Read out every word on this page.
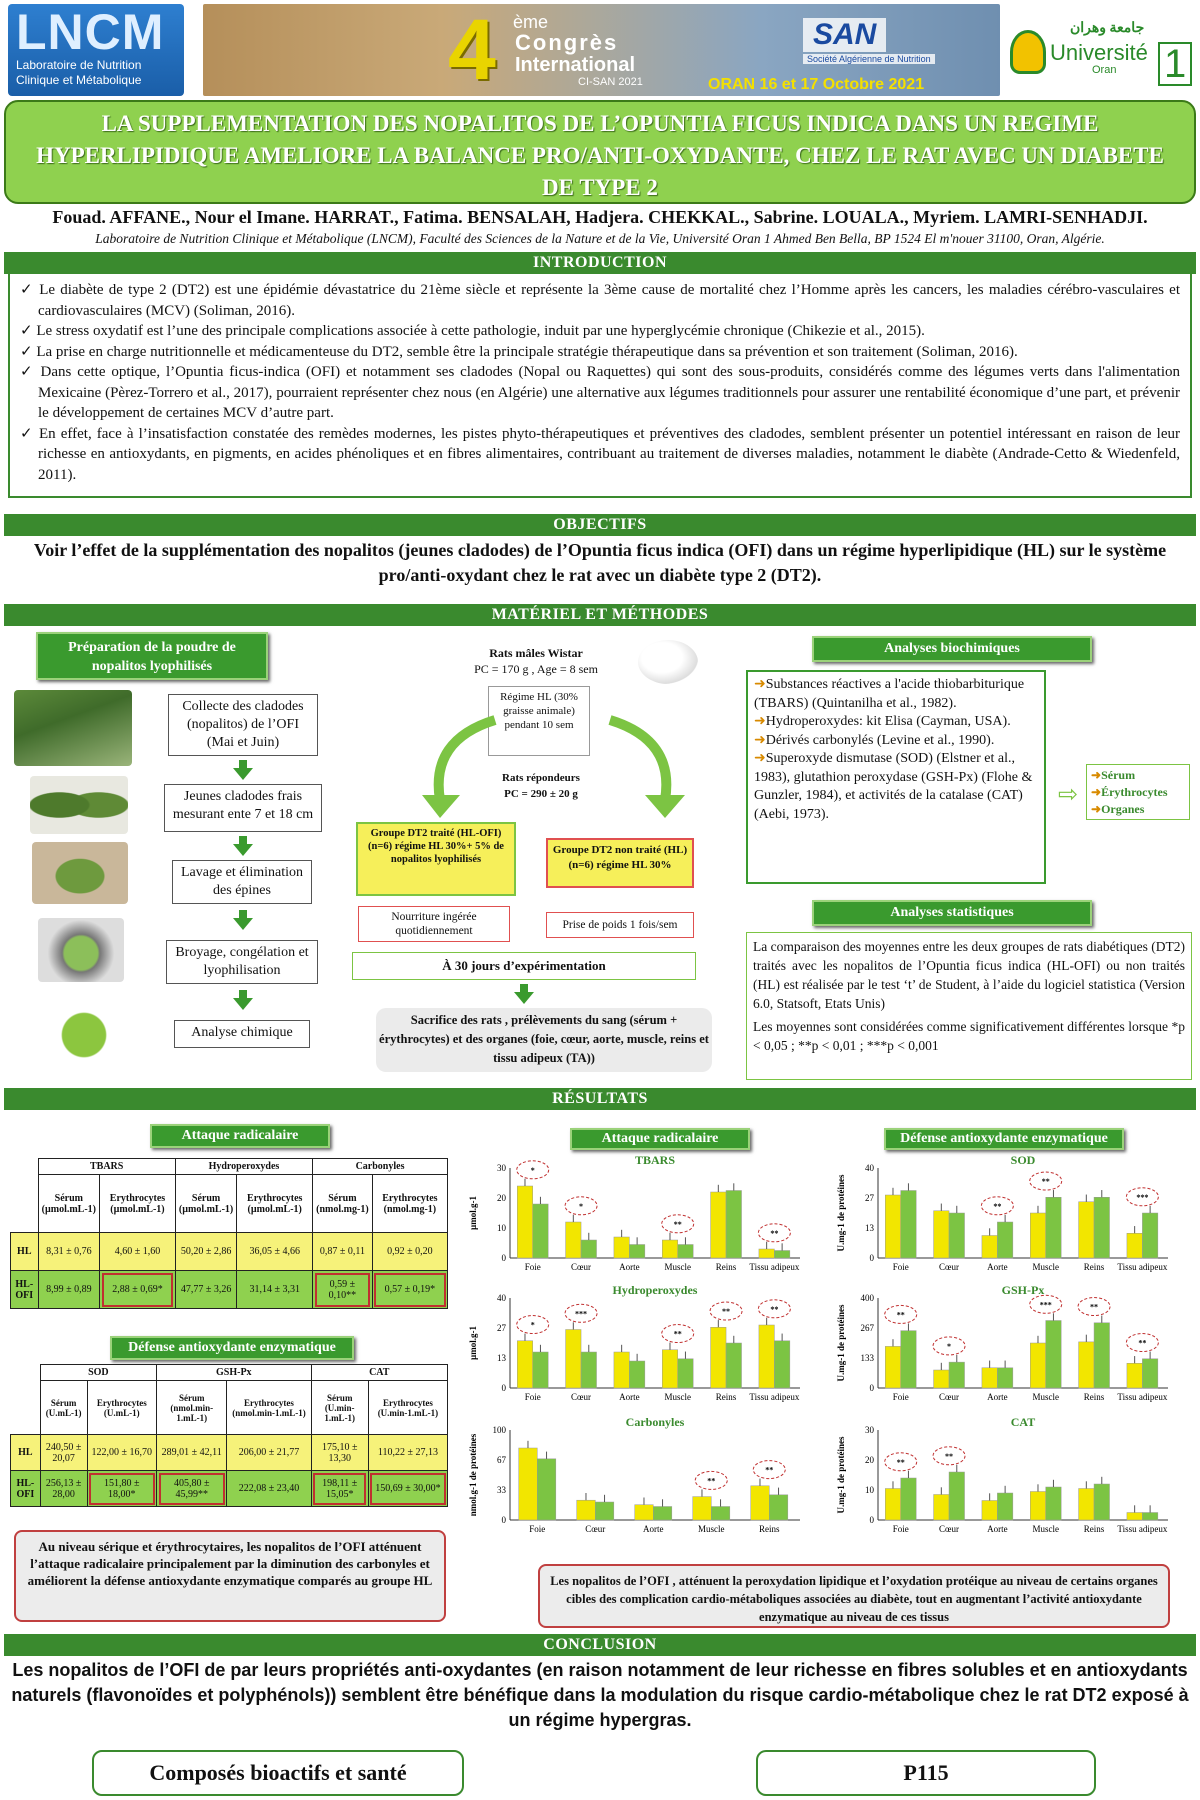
LNCM
Laboratoire de Nutrition
Clinique et Métabolique	4 ème
Congrès
International
CI-SAN 2021
SAN
Société Algérienne de Nutrition
ORAN 16 et 17 Octobre 2021
جامعة وهران
Université
Oran 1
LA SUPPLEMENTATION DES NOPALITOS DE L’OPUNTIA FICUS INDICA DANS UN REGIME HYPERLIPIDIQUE AMELIORE LA BALANCE PRO/ANTI-OXYDANTE, CHEZ LE RAT AVEC UN DIABETE DE TYPE 2
Fouad. AFFANE., Nour el Imane. HARRAT., Fatima. BENSALAH, Hadjera. CHEKKAL., Sabrine. LOUALA., Myriem. LAMRI-SENHADJI.
Laboratoire de Nutrition Clinique et Métabolique (LNCM), Faculté des Sciences de la Nature et de la Vie, Université Oran 1 Ahmed Ben Bella, BP 1524 El m'nouer 31100, Oran, Algérie.
INTRODUCTION

✓ Le diabète de type 2 (DT2) est une épidémie dévastatrice du 21ème siècle et représente la 3ème cause de mortalité chez l’Homme après les cancers, les maladies cérébro-vasculaires et cardiovasculaires (MCV) (Soliman, 2016).

✓ Le stress oxydatif est l’une des principale complications associée à cette pathologie, induit par une hyperglycémie chronique (Chikezie et al., 2015).

✓ La prise en charge nutritionnelle et médicamenteuse du DT2, semble être la principale stratégie thérapeutique dans sa prévention et son traitement (Soliman, 2016).

✓ Dans cette optique, l’Opuntia ficus-indica (OFI) et notamment ses cladodes (Nopal ou Raquettes) qui sont des sous-produits, considérés comme des légumes verts dans l'alimentation Mexicaine (Pèrez-Torrero et al., 2017), pourraient représenter chez nous (en Algérie) une alternative aux légumes traditionnels pour assurer une rentabilité économique d’une part, et prévenir le développement de certaines MCV d’autre part.

✓ En effet, face à l’insatisfaction constatée des remèdes modernes, les pistes phyto-thérapeutiques et préventives des cladodes, semblent présenter un potentiel intéressant en raison de leur richesse en antioxydants, en pigments, en acides phénoliques et en fibres alimentaires, contribuant au traitement de diverses maladies, notamment le diabète (Andrade-Cetto & Wiedenfeld, 2011).

OBJECTIFS
Voir l’effet de la supplémentation des nopalitos (jeunes cladodes) de l’Opuntia ficus indica (OFI) dans un régime hyperlipidique (HL) sur le système pro/anti-oxydant chez le rat avec un diabète type 2 (DT2).
MATÉRIEL ET MÉTHODES
Préparation de la poudre de nopalitos lyophilisés
Collecte des cladodes (nopalitos) de l’OFI (Mai et Juin)
Jeunes cladodes frais mesurant ente 7 et 18 cm
Lavage et élimination des épines
Broyage, congélation et lyophilisation
Analyse chimique
Rats mâles Wistar
PC = 170 g , Age = 8 sem
Régime HL (30% graisse animale) pendant 10 sem
Rats répondeurs
PC = 290 ± 20 g
Groupe DT2 traité (HL-OFI) (n=6) régime HL 30%+ 5% de nopalitos lyophilisés
Groupe DT2 non traité (HL) (n=6) régime HL 30%
Nourriture ingérée quotidiennement	Prise de poids 1 fois/sem
À 30 jours d’expérimentation
Sacrifice des rats , prélèvements du sang (sérum + érythrocytes) et des organes (foie, cœur, aorte, muscle, reins et tissu adipeux (TA))
Analyses biochimiques
➜Substances réactives a l'acide thiobarbiturique (TBARS) (Quintanilha et al., 1982).
➜Hydroperoxydes: kit Elisa (Cayman, USA).
➜Dérivés carbonylés (Levine et al., 1990).
➜Superoxyde dismutase (SOD) (Elstner et al., 1983), glutathion peroxydase (GSH-Px) (Flohe & Gunzler, 1984), et activités de la catalase (CAT) (Aebi, 1973).
⇨
➜Sérum
➜Érythrocytes
➜Organes
Analyses statistiques

La comparaison des moyennes entre les deux groupes de rats diabétiques (DT2) traités avec les nopalitos de l’Opuntia ficus indica (HL-OFI) ou non traités (HL) est réalisée par le test ‘t’ de Student, à l’aide du logiciel statistica (Version 6.0, Statsoft, Etats Unis)

Les moyennes sont considérées comme significativement différentes lorsque *p < 0,05 ; **p < 0,01 ; ***p < 0,001

RÉSULTATS
Attaque radicalaire
	TBARS		Hydroperoxydes		Carbonyles	
	Sérum (µmol.mL-1)	Erythrocytes (µmol.mL-1)	Sérum (µmol.mL-1)	Erythrocytes (µmol.mL-1)	Sérum (nmol.mg-1)	Erythrocytes (nmol.mg-1)
HL	8,31 ± 0,76	4,60 ± 1,60	50,20 ± 2,86	36,05 ± 4,66	0,87 ± 0,11	0,92 ± 0,20
HL-OFI	8,99 ± 0,89	2,88 ± 0,69*	47,77 ± 3,26	31,14 ± 3,31	0,59 ± 0,10**	0,57 ± 0,19*
Défense antioxydante enzymatique
	SOD		GSH-Px		CAT	
	Sérum (U.mL-1)	Erythrocytes (U.mL-1)	Sérum (nmol.min-1.mL-1)	Erythrocytes (nmol.min-1.mL-1)	Sérum (U.min-1.mL-1)	Erythrocytes (U.min-1.mL-1)
HL	240,50 ± 20,07	122,00 ± 16,70	289,01 ± 42,11	206,00 ± 21,77	175,10 ± 13,30	110,22 ± 27,13
HL-OFI	256,13 ± 28,00	151,80 ± 18,00*	405,80 ± 45,99**	222,08 ± 23,40	198,11 ± 15,05*	150,69 ± 30,00*
Au niveau sérique et érythrocytaires, les nopalitos de l’OFI atténuent l’attaque radicalaire principalement par la diminution des carbonyles et améliorent la défense antioxydante enzymatique comparés au groupe HL
Attaque radicalaire	Défense antioxydante enzymatique
TBARS
0
10
20
30
µmol.g-1
Foie
*
Cœur
*
Aorte	Muscle
**
Reins Tissu adipeux
**
Hydroperoxydes
0
13
27
40
µmol.g-1
Foie
*
Cœur
***
Aorte	Muscle
**
Reins
**
Tissu adipeux
**
Carbonyles
0
33
67
100
nmol.g-1 de protéines
Foie	Cœur	Aorte	Muscle
**
Reins
**
SOD
0
13
27
40
U.mg-1 de protéines
Foie	Cœur	Aorte
**
Muscle
**
Reins Tissu adipeux
***
GSH-Px
0
133
267
400
U.mg-1 de protéines
Foie
**
Cœur
*
Aorte	Muscle
***
Reins
**
Tissu adipeux
**
CAT
0
10
20
30
U.mg-1 de protéines
Foie
**
Cœur
**
Aorte	Muscle	Reins Tissu adipeux
Les nopalitos de l’OFI , atténuent la peroxydation lipidique et l’oxydation protéique au niveau de certains organes cibles des complication cardio-métaboliques associées au diabète, tout en augmentant l’activité antioxydante enzymatique au niveau de ces tissus
CONCLUSION
Les nopalitos de l’OFI de par leurs propriétés anti-oxydantes (en raison notamment de leur richesse en fibres solubles et en antioxydants naturels (flavonoïdes et polyphénols)) semblent être bénéfique dans la modulation du risque cardio-métabolique chez le rat DT2 exposé à un régime hypergras.
Composés bioactifs et santé	P115
